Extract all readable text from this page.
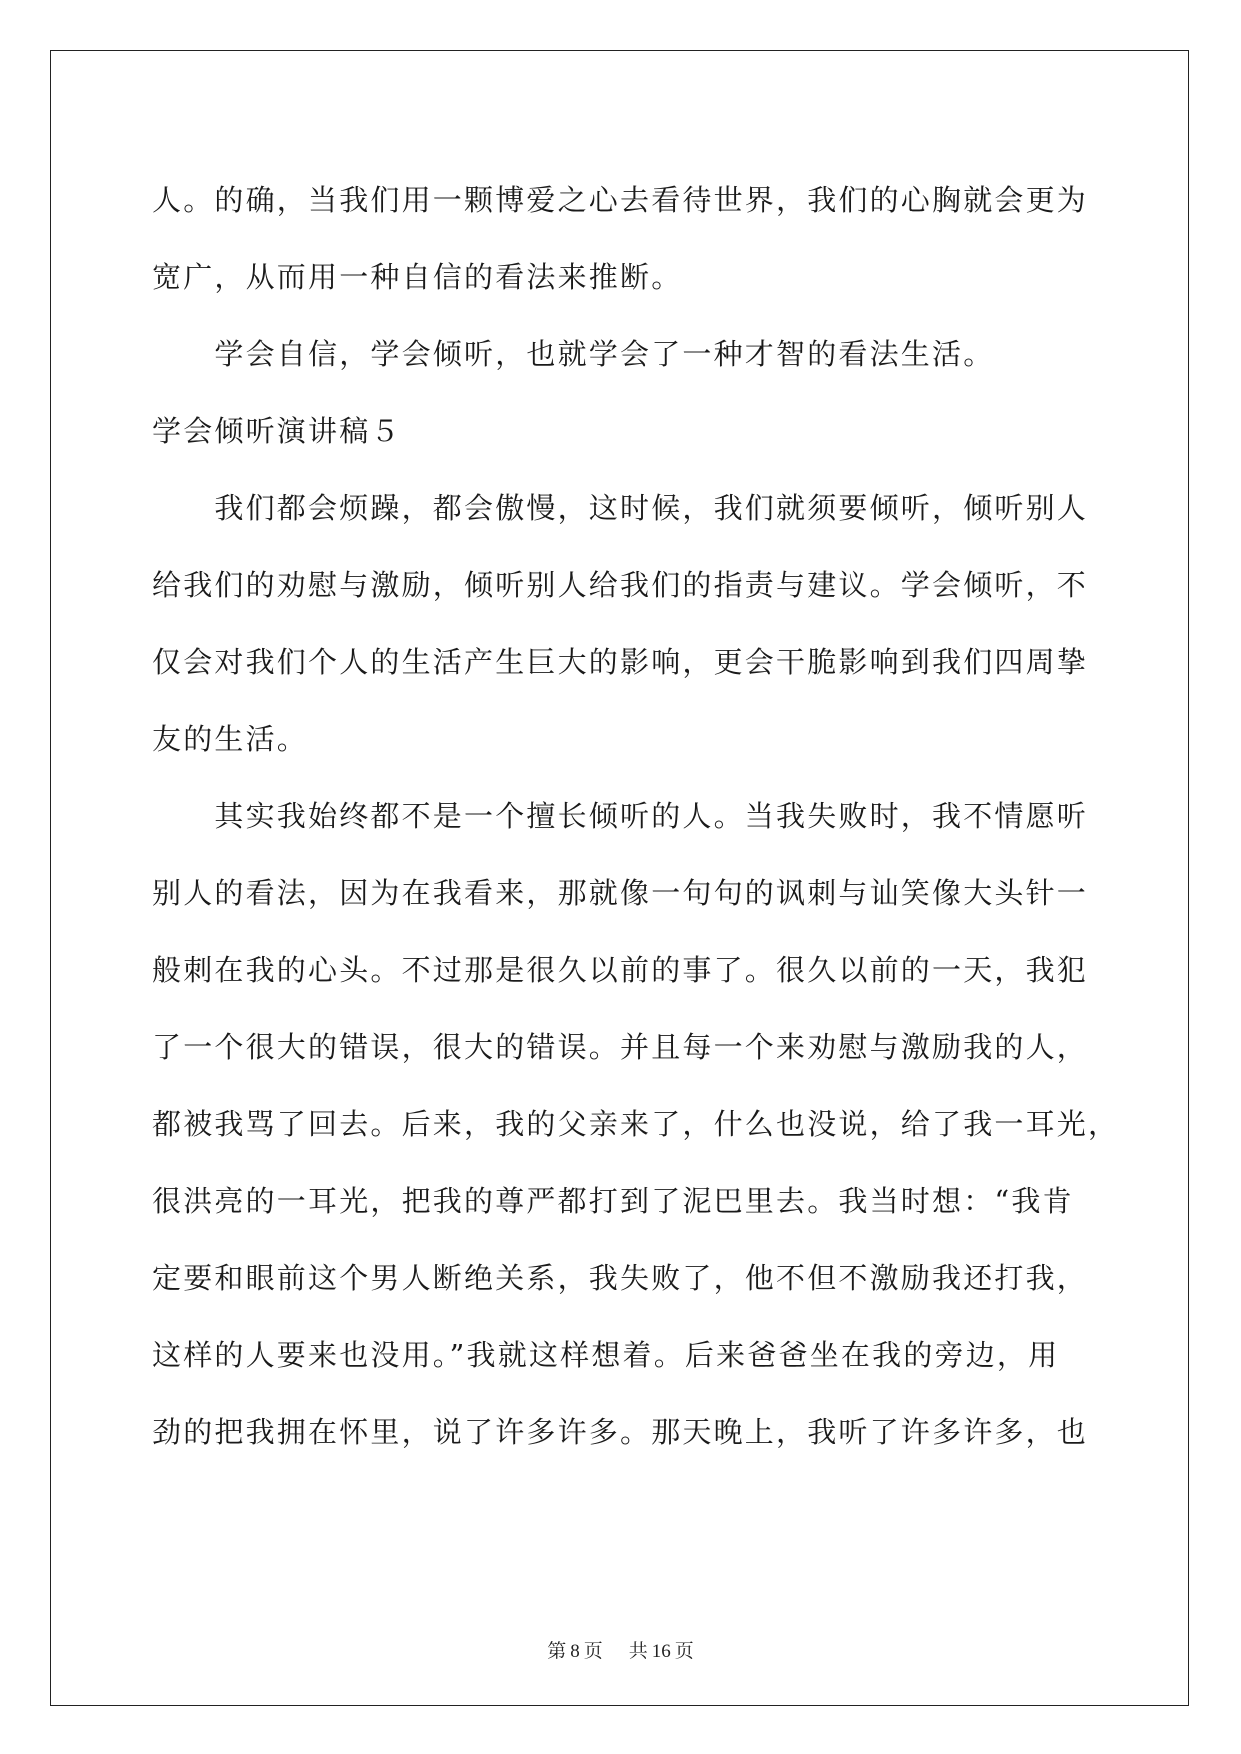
人。的确，当我们用一颗博爱之心去看待世界，我们的心胸就会更为
宽广，从而用一种自信的看法来推断。
　　学会自信，学会倾听，也就学会了一种才智的看法生活。
学会倾听演讲稿５
　　我们都会烦躁，都会傲慢，这时候，我们就须要倾听，倾听别人
给我们的劝慰与激励，倾听别人给我们的指责与建议。学会倾听，不
仅会对我们个人的生活产生巨大的影响，更会干脆影响到我们四周挚
友的生活。
　　其实我始终都不是一个擅长倾听的人。当我失败时，我不情愿听
别人的看法，因为在我看来，那就像一句句的讽刺与讪笑像大头针一
般刺在我的心头。不过那是很久以前的事了。很久以前的一天，我犯
了一个很大的错误，很大的错误。并且每一个来劝慰与激励我的人，
都被我骂了回去。后来，我的父亲来了，什么也没说，给了我一耳光，
很洪亮的一耳光，把我的尊严都打到了泥巴里去。我当时想：“我肯
定要和眼前这个男人断绝关系，我失败了，他不但不激励我还打我，
这样的人要来也没用。”我就这样想着。后来爸爸坐在我的旁边，用
劲的把我拥在怀里，说了许多许多。那天晚上，我听了许多许多，也
第 8 页 共 16 页
